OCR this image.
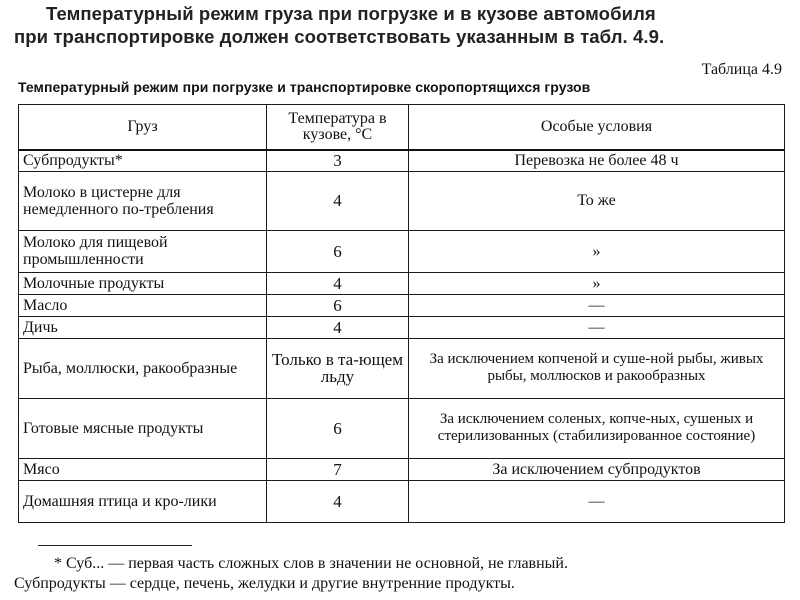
Температурный режим груза при погрузке и в кузове автомобиля
при транспортировке должен соответствовать указанным в табл. 4.9.
Таблица 4.9
Температурный режим при погрузке и транспортировке скоропортящихся грузов
Груз	Температура в кузове, °С	Особые условия
Субпродукты*	3	Перевозка не более 48 ч
Молоко в цистерне для немедленного по-требления	4	То же
Молоко для пищевой промышленности	6	»
Молочные продукты	4	»
Масло	6	—
Дичь	4	—
Рыба, моллюски, ракообразные	Только в та-ющем льду	За исключением копченой и суше-ной рыбы, живых рыбы, моллюсков и ракообразных
Готовые мясные продукты	6	За исключением соленых, копче-ных, сушеных и стерилизованных (стабилизированное состояние)
Мясо	7	За исключением субпродуктов
Домашняя птица и кро-лики	4	—
* Суб... — первая часть сложных слов в значении не основной, не главный.
Субпродукты — сердце, печень, желудки и другие внутренние продукты.
